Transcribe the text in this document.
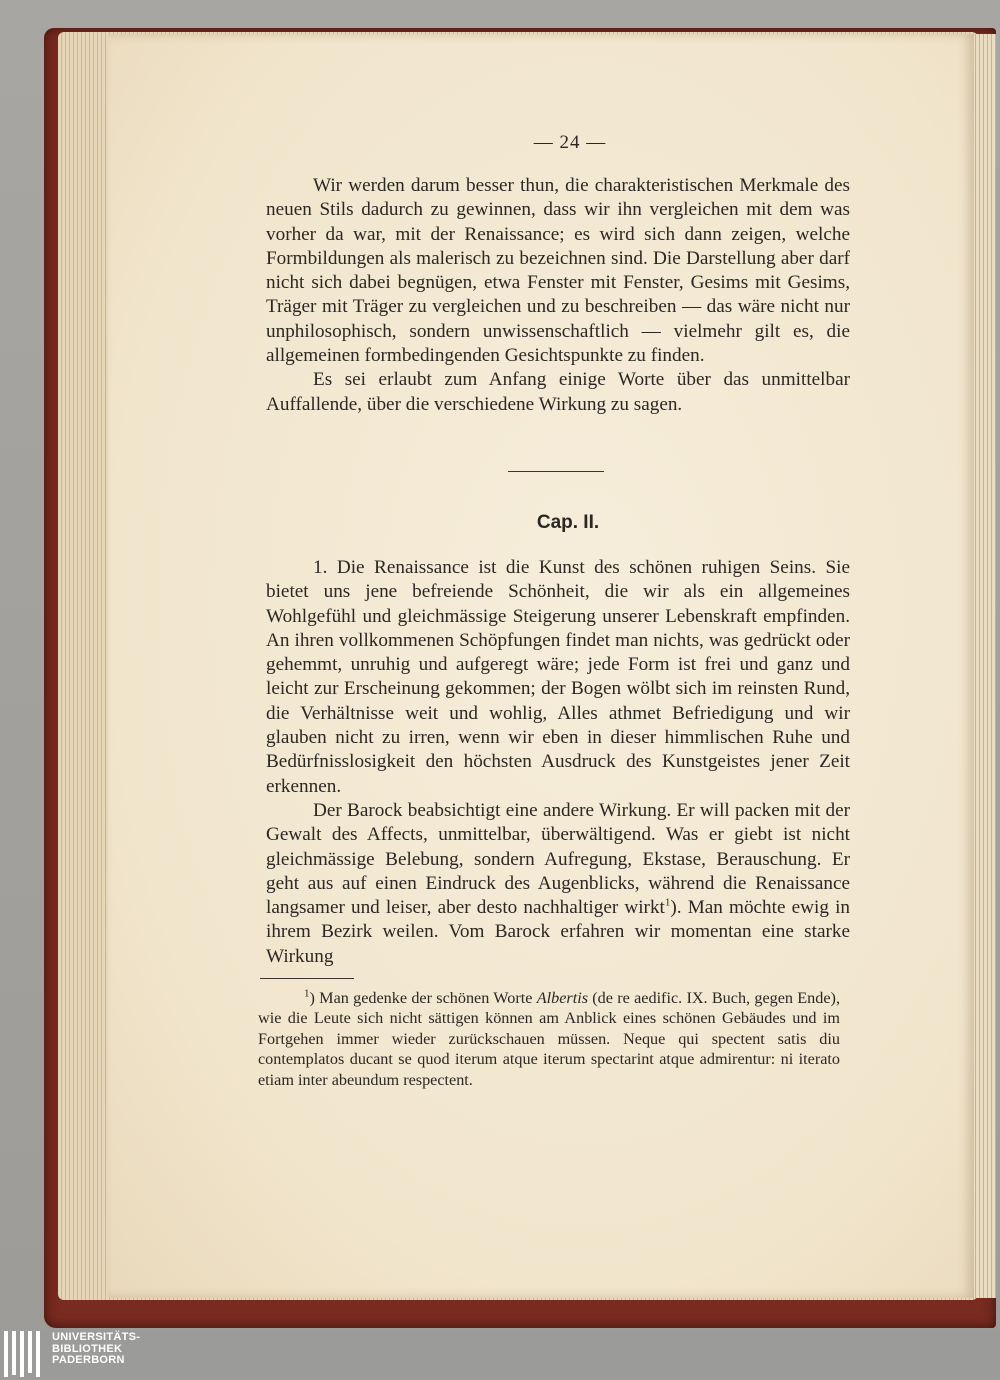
— 24 —

Wir werden darum besser thun, die charakteristischen Merkmale des neuen Stils dadurch zu gewinnen, dass wir ihn vergleichen mit dem was vorher da war, mit der Renaissance; es wird sich dann zeigen, welche Formbildungen als malerisch zu bezeichnen sind. Die Darstellung aber darf nicht sich dabei begnügen, etwa Fenster mit Fenster, Gesims mit Gesims, Träger mit Träger zu vergleichen und zu beschreiben — das wäre nicht nur unphilosophisch, sondern unwissenschaftlich — vielmehr gilt es, die allgemeinen formbedingenden Gesichtspunkte zu finden.

Es sei erlaubt zum Anfang einige Worte über das unmittelbar Auffallende, über die verschiedene Wirkung zu sagen.

Cap. II.

1. Die Renaissance ist die Kunst des schönen ruhigen Seins. Sie bietet uns jene befreiende Schönheit, die wir als ein allgemeines Wohlgefühl und gleichmässige Steigerung unserer Lebenskraft empfinden. An ihren vollkommenen Schöpfungen findet man nichts, was gedrückt oder gehemmt, unruhig und aufgeregt wäre; jede Form ist frei und ganz und leicht zur Erscheinung gekommen; der Bogen wölbt sich im reinsten Rund, die Verhältnisse weit und wohlig, Alles athmet Befriedigung und wir glauben nicht zu irren, wenn wir eben in dieser himmlischen Ruhe und Bedürfnisslosigkeit den höchsten Ausdruck des Kunstgeistes jener Zeit erkennen.

Der Barock beabsichtigt eine andere Wirkung. Er will packen mit der Gewalt des Affects, unmittelbar, überwältigend. Was er giebt ist nicht gleichmässige Belebung, sondern Aufregung, Ekstase, Berauschung. Er geht aus auf einen Eindruck des Augenblicks, während die Renaissance langsamer und leiser, aber desto nachhaltiger wirkt$^1$). Man möchte ewig in ihrem Bezirk weilen. Vom Barock erfahren wir momentan eine starke Wirkung

$^1$) Man gedenke der schönen Worte Albertis (de re aedific. IX. Buch, gegen Ende), wie die Leute sich nicht sättigen können am Anblick eines schönen Gebäudes und im Fortgehen immer wieder zurückschauen müssen. Neque qui spectent satis diu contemplatos ducant se quod iterum atque iterum spectarint atque admirentur: ni iterato etiam inter abeundum respectent.

UNIVERSITÄTS-
BIBLIOTHEK
PADERBORN
